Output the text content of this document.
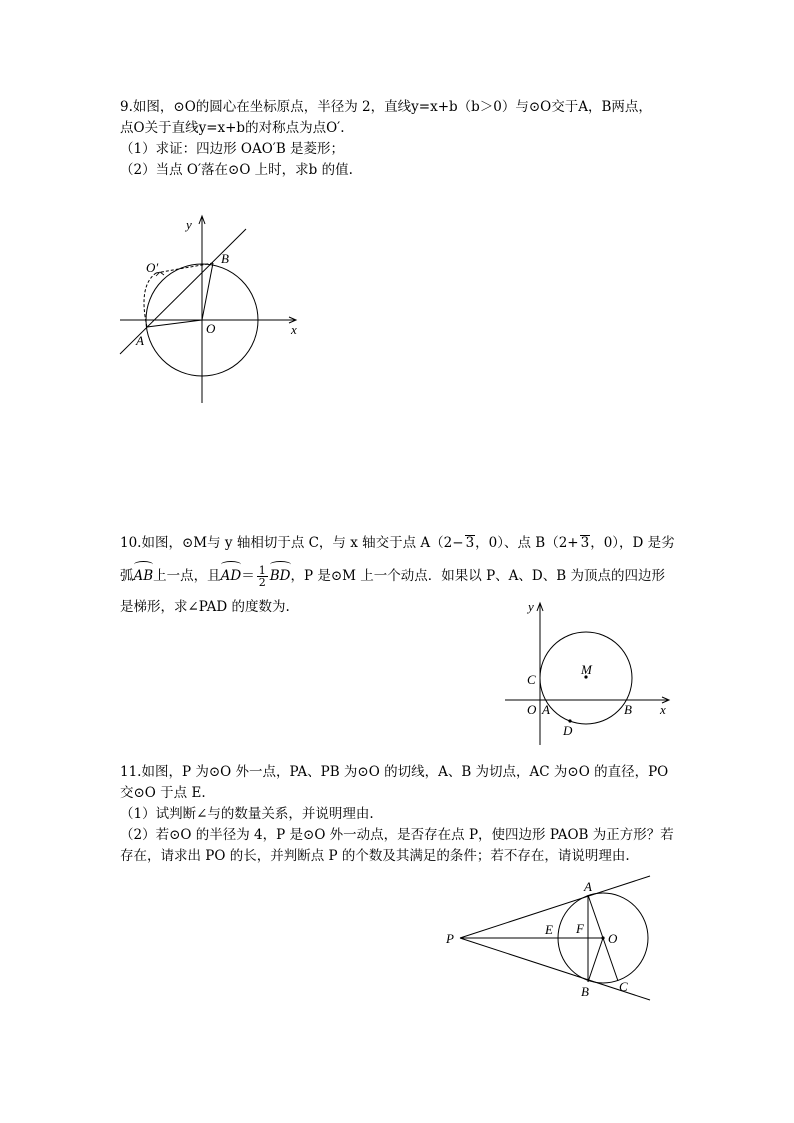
9.如图，⊙O的圆心在坐标原点，半径为 2，直线y=x+b（b＞0）与⊙O交于A，B两点，
点O关于直线y=x+b的对称点为点O′.
（1）求证：四边形 OAO′B 是菱形；
（2）当点 O′落在⊙O 上时，求b 的值.
y
x
O
O′
A
B
10.如图，⊙M与 y 轴相切于点 C，与 x 轴交于点 A（2− 3，0）、点 B（2+ 3，0），D 是劣
弧AB上一点，且$AD= \frac{1}{2}$ BD，P 是⊙M 上一个动点．如果以 P、A、D、B 为顶点的四边形
是梯形，求∠PAD 的度数为.	y
x
O A	B
C
D
M
11.如图，P 为⊙O 外一点，PA、PB 为⊙O 的切线，A、B 为切点，AC 为⊙O 的直径，PO
交⊙O 于点 E.
（1）试判断∠与的数量关系，并说明理由.
（2）若⊙O 的半径为 4，P 是⊙O 外一动点，是否存在点 P，使四边形 PAOB 为正方形？若
存在，请求出 PO 的长，并判断点 P 的个数及其满足的条件；若不存在，请说明理由.
P
A
B C
E F
O
